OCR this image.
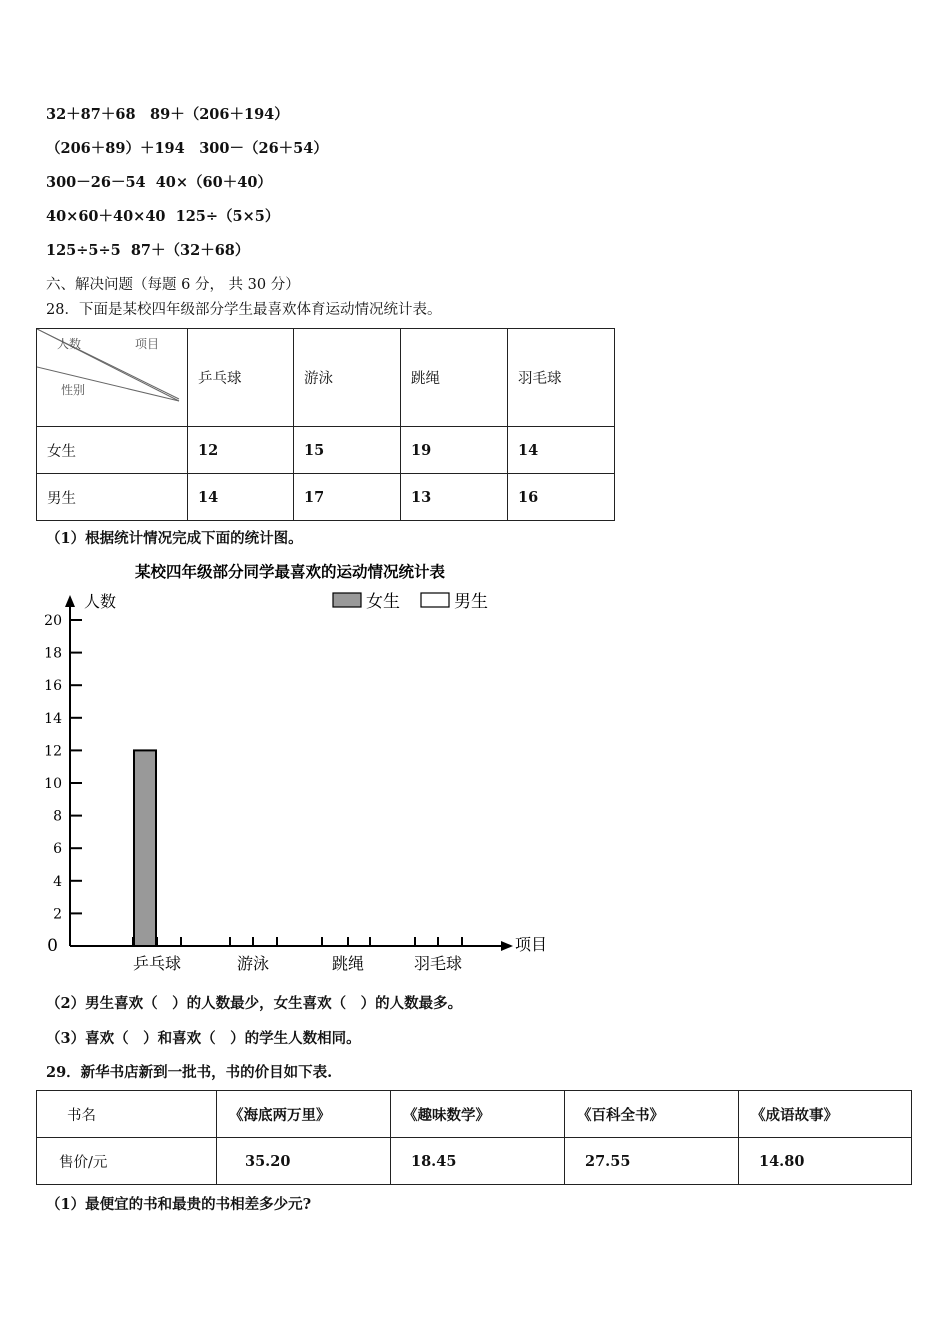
32＋87＋68　89＋（206＋194）
（206＋89）＋194　300－（26＋54）
300－26－54  40×（60＋40）
40×60＋40×40  125÷（5×5）
125÷5÷5  87＋（32＋68）
六、解决问题（每题 6 分， 共 30 分）
28．下面是某校四年级部分学生最喜欢体育运动情况统计表。
人数 项目
性别	乒乓球	游泳	跳绳	羽毛球
女生	12	15	19	14
男生	14	17	13	16
（1）根据统计情况完成下面的统计图。
某校四年级部分同学最喜欢的运动情况统计表
人数
项目
0
2
4
6
8
10
12
14
16
18
20
乒乓球	游泳	跳绳	羽毛球
女生	男生
（2）男生喜欢（　）的人数最少，女生喜欢（　）的人数最多。
（3）喜欢（　）和喜欢（　）的学生人数相同。
29．新华书店新到一批书，书的价目如下表.
书名	《海底两万里》	《趣味数学》	《百科全书》	《成语故事》
售价/元	35.20	18.45	27.55	14.80
（1）最便宜的书和最贵的书相差多少元?
